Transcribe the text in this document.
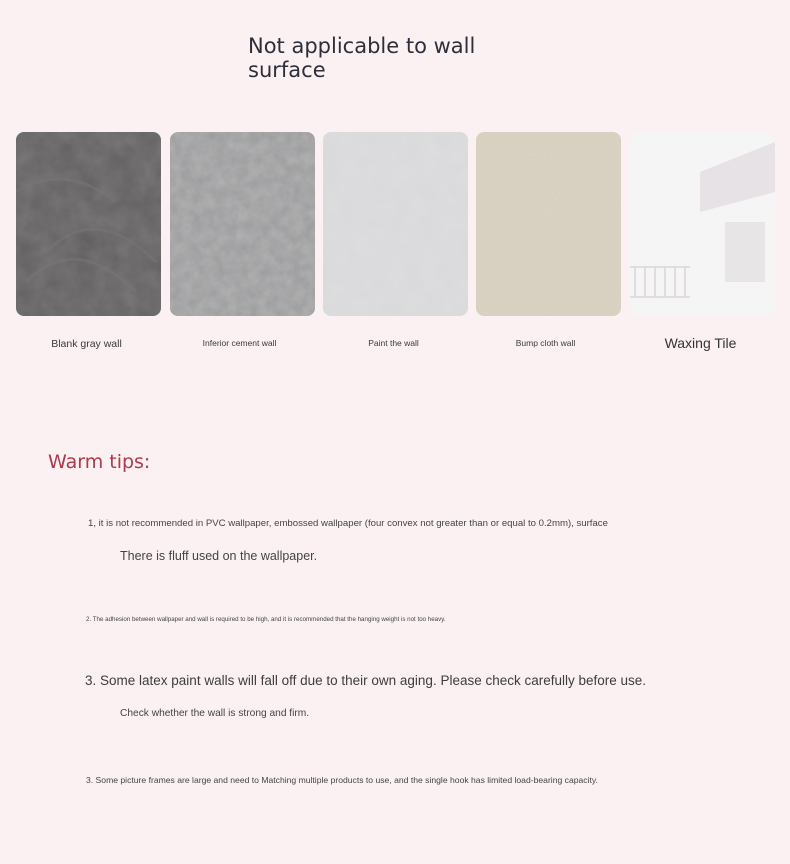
Not applicable to wall surface
Blank gray wall	Inferior cement wall	Paint the wall	Bump cloth wall	Waxing Tile
Warm tips:
1, it is not recommended in PVC wallpaper, embossed wallpaper (four convex not greater than or equal to 0.2mm), surface
There is fluff used on the wallpaper.
2. The adhesion between wallpaper and wall is required to be high, and it is recommended that the hanging weight is not too heavy.
3. Some latex paint walls will fall off due to their own aging. Please check carefully before use.
Check whether the wall is strong and firm.
3. Some picture frames are large and need to Matching multiple products to use, and the single hook has limited load-bearing capacity.
